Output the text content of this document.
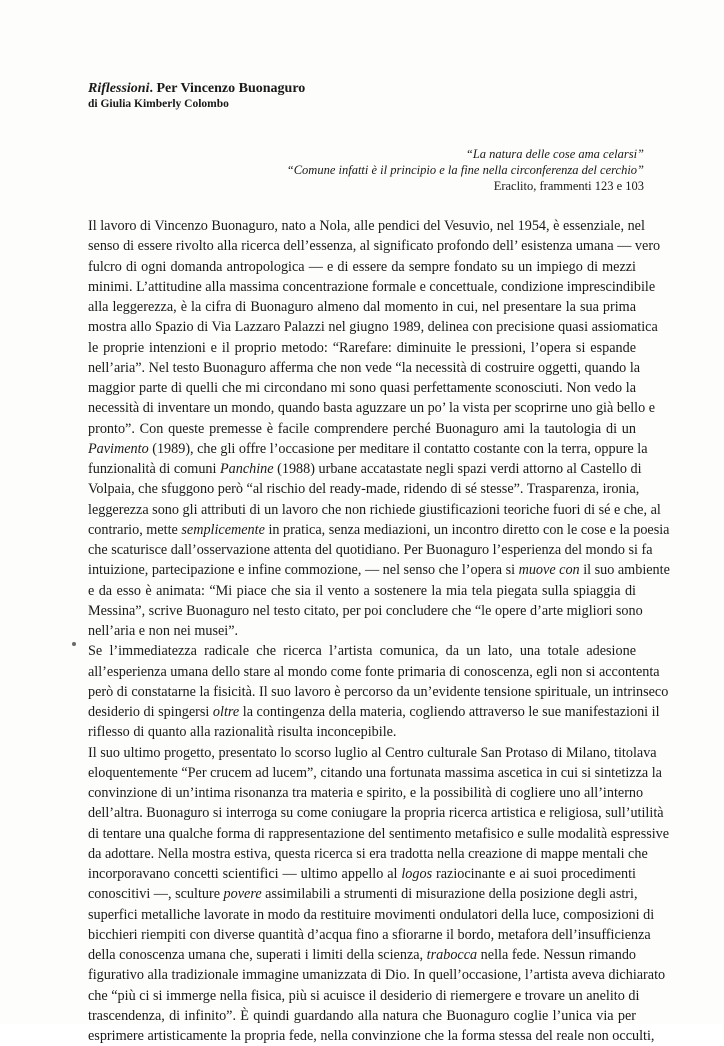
Riflessioni. Per Vincenzo Buonaguro

di Giulia Kimberly Colombo

“La natura delle cose ama celarsi”
“Comune infatti è il principio e la fine nella circonferenza del cerchio”
Eraclito, frammenti 123 e 103

Il lavoro di Vincenzo Buonaguro, nato a Nola, alle pendici del Vesuvio, nel 1954, è essenziale, nel
senso di essere rivolto alla ricerca dell’essenza, al significato profondo dell’ esistenza umana — vero
fulcro di ogni domanda antropologica — e di essere da sempre fondato su un impiego di mezzi
minimi. L’attitudine alla massima concentrazione formale e concettuale, condizione imprescindibile
alla leggerezza, è la cifra di Buonaguro almeno dal momento in cui, nel presentare la sua prima
mostra allo Spazio di Via Lazzaro Palazzi nel giugno 1989, delinea con precisione quasi assiomatica
le proprie intenzioni e il proprio metodo: “Rarefare: diminuite le pressioni, l’opera si espande
nell’aria”. Nel testo Buonaguro afferma che non vede “la necessità di costruire oggetti, quando la
maggior parte di quelli che mi circondano mi sono quasi perfettamente sconosciuti. Non vedo la
necessità di inventare un mondo, quando basta aguzzare un po’ la vista per scoprirne uno già bello e
pronto”. Con queste premesse è facile comprendere perché Buonaguro ami la tautologia di un
Pavimento (1989), che gli offre l’occasione per meditare il contatto costante con la terra, oppure la
funzionalità di comuni Panchine (1988) urbane accatastate negli spazi verdi attorno al Castello di
Volpaia, che sfuggono però “al rischio del ready-made, ridendo di sé stesse”. Trasparenza, ironia,
leggerezza sono gli attributi di un lavoro che non richiede giustificazioni teoriche fuori di sé e che, al
contrario, mette semplicemente in pratica, senza mediazioni, un incontro diretto con le cose e la poesia
che scaturisce dall’osservazione attenta del quotidiano. Per Buonaguro l’esperienza del mondo si fa
intuizione, partecipazione e infine commozione, — nel senso che l’opera si muove con il suo ambiente
e da esso è animata: “Mi piace che sia il vento a sostenere la mia tela piegata sulla spiaggia di
Messina”, scrive Buonaguro nel testo citato, per poi concludere che “le opere d’arte migliori sono
nell’aria e non nei musei”.

Se l’immediatezza radicale che ricerca l’artista comunica, da un lato, una totale adesione
all’esperienza umana dello stare al mondo come fonte primaria di conoscenza, egli non si accontenta
però di constatarne la fisicità. Il suo lavoro è percorso da un’evidente tensione spirituale, un intrinseco
desiderio di spingersi oltre la contingenza della materia, cogliendo attraverso le sue manifestazioni il
riflesso di quanto alla razionalità risulta inconcepibile.

Il suo ultimo progetto, presentato lo scorso luglio al Centro culturale San Protaso di Milano, titolava
eloquentemente “Per crucem ad lucem”, citando una fortunata massima ascetica in cui si sintetizza la
convinzione di un’intima risonanza tra materia e spirito, e la possibilità di cogliere uno all’interno
dell’altra. Buonaguro si interroga su come coniugare la propria ricerca artistica e religiosa, sull’utilità
di tentare una qualche forma di rappresentazione del sentimento metafisico e sulle modalità espressive
da adottare. Nella mostra estiva, questa ricerca si era tradotta nella creazione di mappe mentali che
incorporavano concetti scientifici — ultimo appello al logos raziocinante e ai suoi procedimenti
conoscitivi —, sculture povere assimilabili a strumenti di misurazione della posizione degli astri,
superfici metalliche lavorate in modo da restituire movimenti ondulatori della luce, composizioni di
bicchieri riempiti con diverse quantità d’acqua fino a sfiorarne il bordo, metafora dell’insufficienza
della conoscenza umana che, superati i limiti della scienza, trabocca nella fede. Nessun rimando
figurativo alla tradizionale immagine umanizzata di Dio. In quell’occasione, l’artista aveva dichiarato
che “più ci si immerge nella fisica, più si acuisce il desiderio di riemergere e trovare un anelito di
trascendenza, di infinito”. È quindi guardando alla natura che Buonaguro coglie l’unica via per
esprimere artisticamente la propria fede, nella convinzione che la forma stessa del reale non occulti,
